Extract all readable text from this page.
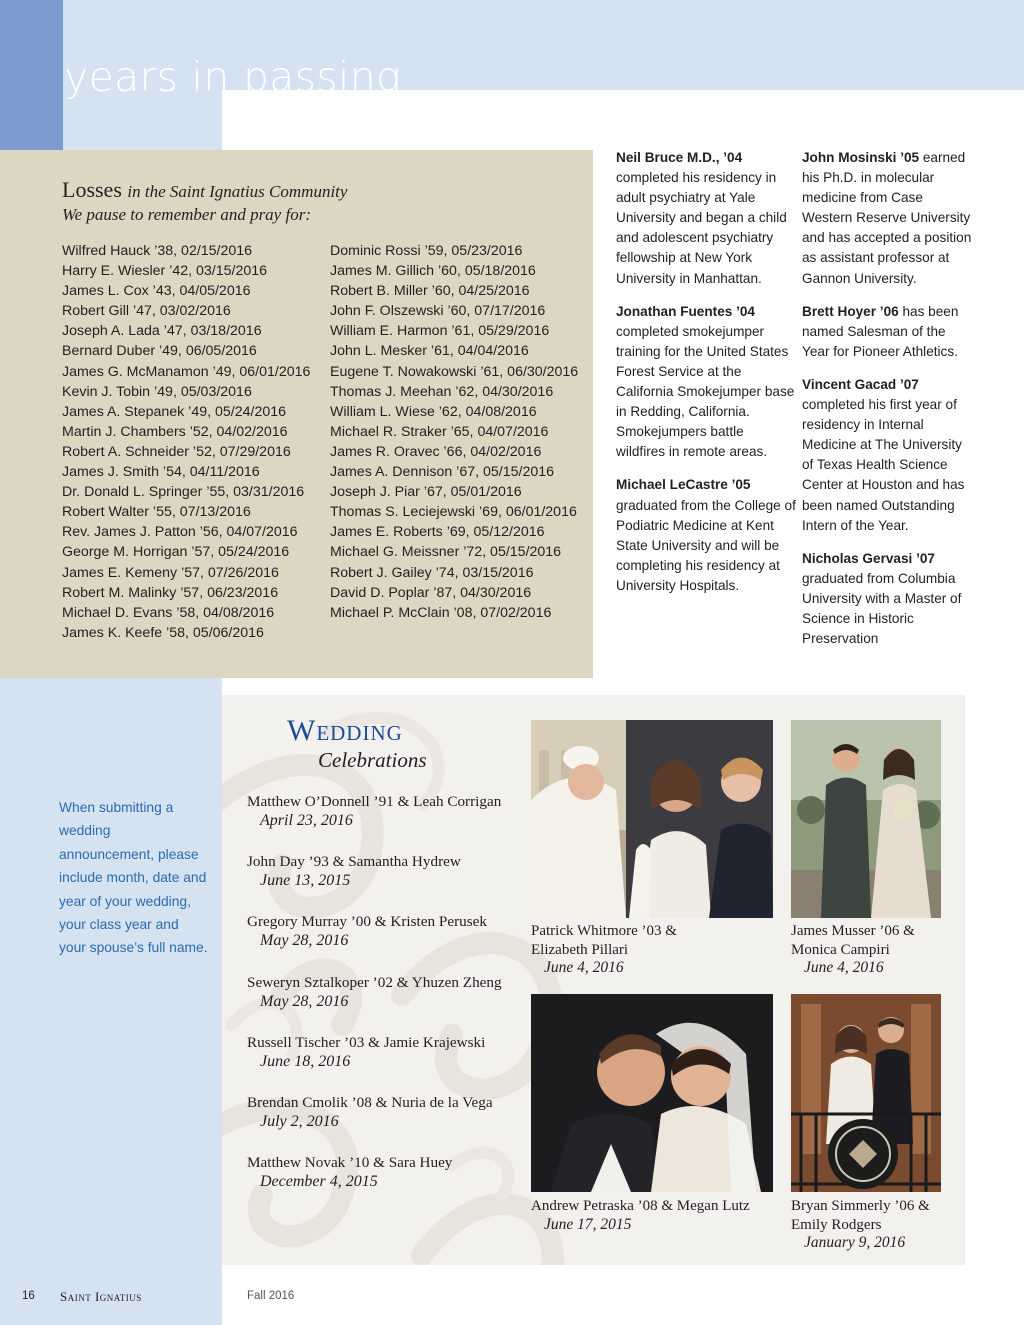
years in passing
Losses in the Saint Ignatius Community
We pause to remember and pray for:
Wilfred Hauck ’38, 02/15/2016
Harry E. Wiesler ’42, 03/15/2016
James L. Cox ’43, 04/05/2016
Robert Gill ’47, 03/02/2016
Joseph A. Lada ’47, 03/18/2016
Bernard Duber ’49, 06/05/2016
James G. McManamon ’49, 06/01/2016
Kevin J. Tobin ’49, 05/03/2016
James A. Stepanek ’49, 05/24/2016
Martin J. Chambers ’52, 04/02/2016
Robert A. Schneider ’52, 07/29/2016
James J. Smith ’54, 04/11/2016
Dr. Donald L. Springer ’55, 03/31/2016
Robert Walter ’55, 07/13/2016
Rev. James J. Patton ’56, 04/07/2016
George M. Horrigan ’57, 05/24/2016
James E. Kemeny ’57, 07/26/2016
Robert M. Malinky ’57, 06/23/2016
Michael D. Evans ’58, 04/08/2016
James K. Keefe ’58, 05/06/2016
Dominic Rossi ’59, 05/23/2016
James M. Gillich ’60, 05/18/2016
Robert B. Miller ’60, 04/25/2016
John F. Olszewski ’60, 07/17/2016
William E. Harmon ’61, 05/29/2016
John L. Mesker ’61, 04/04/2016
Eugene T. Nowakowski ’61, 06/30/2016
Thomas J. Meehan ’62, 04/30/2016
William L. Wiese ’62, 04/08/2016
Michael R. Straker ’65, 04/07/2016
James R. Oravec ’66, 04/02/2016
James A. Dennison ’67, 05/15/2016
Joseph J. Piar ’67, 05/01/2016
Thomas S. Leciejewski ’69, 06/01/2016
James E. Roberts ’69, 05/12/2016
Michael G. Meissner ’72, 05/15/2016
Robert J. Gailey ’74, 03/15/2016
David D. Poplar ’87, 04/30/2016
Michael P. McClain ’08, 07/02/2016
Neil Bruce M.D., ’04 completed his residency in adult psychiatry at Yale University and began a child and adolescent psychiatry fellowship at New York University in Manhattan.
Jonathan Fuentes ’04 completed smokejumper training for the United States Forest Service at the California Smokejumper base in Redding, California. Smokejumpers battle wildfires in remote areas.
Michael LeCastre ’05 graduated from the College of Podiatric Medicine at Kent State University and will be completing his residency at University Hospitals.
John Mosinski ’05 earned his Ph.D. in molecular medicine from Case Western Reserve University and has accepted a position as assistant professor at Gannon University.
Brett Hoyer ’06 has been named Salesman of the Year for Pioneer Athletics.
Vincent Gacad ’07 completed his first year of residency in Internal Medicine at The University of Texas Health Science Center at Houston and has been named Outstanding Intern of the Year.
Nicholas Gervasi ’07 graduated from Columbia University with a Master of Science in Historic Preservation
Wedding
Celebrations
Matthew O’Donnell ’91 & Leah Corrigan
April 23, 2016
John Day ’93 & Samantha Hydrew
June 13, 2015
Gregory Murray ’00 & Kristen Perusek
May 28, 2016
Seweryn Sztalkoper ’02 & Yhuzen Zheng
May 28, 2016
Russell Tischer ’03 & Jamie Krajewski
June 18, 2016
Brendan Cmolik ’08 & Nuria de la Vega
July 2, 2016
Matthew Novak ’10 & Sara Huey
December 4, 2015
When submitting a wedding announcement, please include month, date and year of your wedding, your class year and your spouse’s full name.
Patrick Whitmore ’03 &
Elizabeth Pillari
June 4, 2016
James Musser ’06 &
Monica Campiri
June 4, 2016
Andrew Petraska ’08 & Megan Lutz
June 17, 2015
Bryan Simmerly ’06 &
Emily Rodgers
January 9, 2016
16 Saint Ignatius	Fall 2016
